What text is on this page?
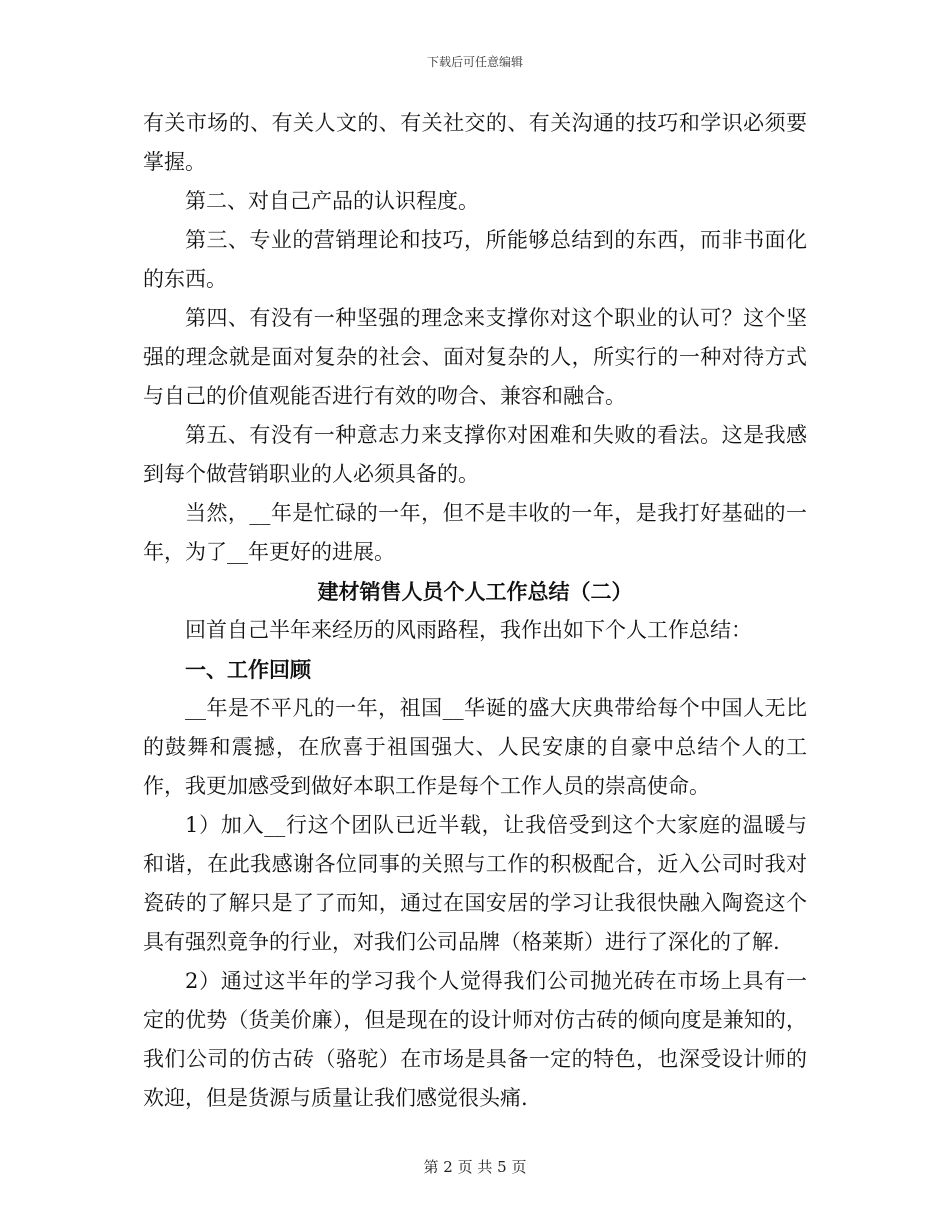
下载后可任意编辑

有关市场的、有关人文的、有关社交的、有关沟通的技巧和学识必须要掌握。

第二、对自己产品的认识程度。

第三、专业的营销理论和技巧，所能够总结到的东西，而非书面化的东西。

第四、有没有一种坚强的理念来支撑你对这个职业的认可？这个坚强的理念就是面对复杂的社会、面对复杂的人，所实行的一种对待方式与自己的价值观能否进行有效的吻合、兼容和融合。

第五、有没有一种意志力来支撑你对困难和失败的看法。这是我感到每个做营销职业的人必须具备的。

当然，__年是忙碌的一年，但不是丰收的一年，是我打好基础的一年，为了__年更好的进展。

建材销售人员个人工作总结（二）

回首自己半年来经历的风雨路程，我作出如下个人工作总结：

一、工作回顾

__年是不平凡的一年，祖国__华诞的盛大庆典带给每个中国人无比的鼓舞和震撼，在欣喜于祖国强大、人民安康的自豪中总结个人的工作，我更加感受到做好本职工作是每个工作人员的崇高使命。

1）加入__行这个团队已近半载，让我倍受到这个大家庭的温暖与和谐，在此我感谢各位同事的关照与工作的积极配合，近入公司时我对瓷砖的了解只是了了而知，通过在国安居的学习让我很快融入陶瓷这个具有强烈竟争的行业，对我们公司品牌（格莱斯）进行了深化的了解.

2）通过这半年的学习我个人觉得我们公司抛光砖在市场上具有一定的优势（货美价廉），但是现在的设计师对仿古砖的倾向度是兼知的，我们公司的仿古砖（骆驼）在市场是具备一定的特色，也深受设计师的欢迎，但是货源与质量让我们感觉很头痛.

第 2 页 共 5 页
